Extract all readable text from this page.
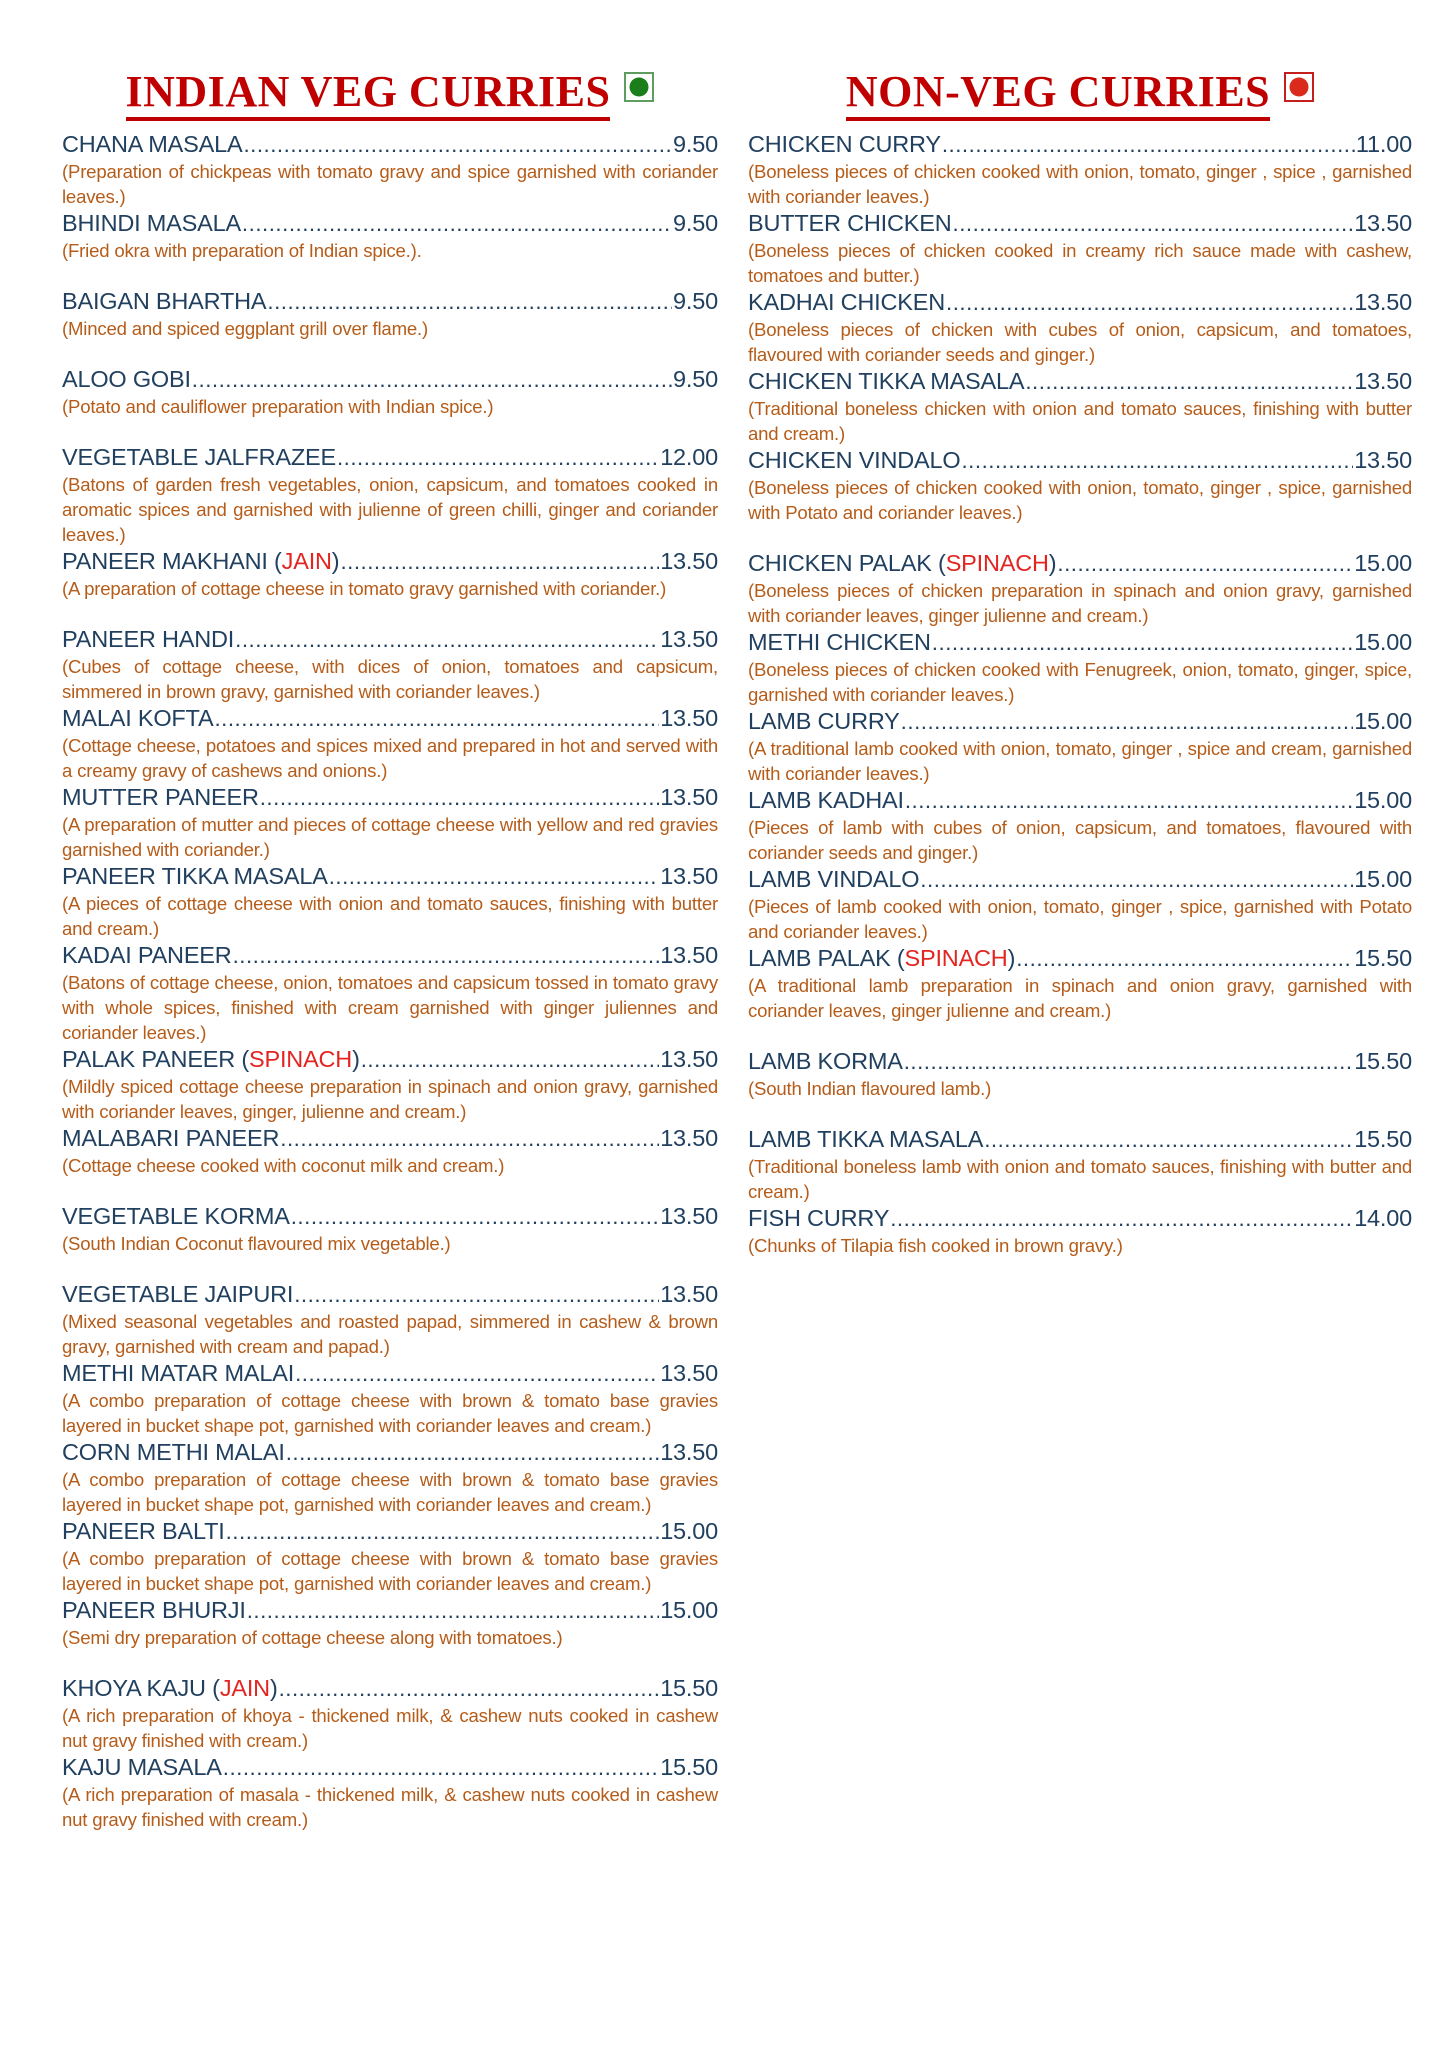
INDIAN VEG CURRIES
CHANA MASALA .....	9.50
(Preparation of chickpeas with tomato gravy and spice garnished with coriander leaves.)
BHINDI MASALA .....	9.50
(Fried okra with preparation of Indian spice.).
BAIGAN BHARTHA .....	9.50
(Minced and spiced eggplant grill over flame.)
ALOO GOBI .....	9.50
(Potato and cauliflower preparation with Indian spice.)
VEGETABLE JALFRAZEE .....	12.00
(Batons of garden fresh vegetables, onion, capsicum, and tomatoes cooked in aromatic spices and garnished with julienne of green chilli, ginger and coriander leaves.)
PANEER MAKHANI (JAIN) .....	13.50
(A preparation of cottage cheese in tomato gravy garnished with coriander.)
PANEER HANDI .....	13.50
(Cubes of cottage cheese, with dices of onion, tomatoes and capsicum, simmered in brown gravy, garnished with coriander leaves.)
MALAI KOFTA .....	13.50
(Cottage cheese, potatoes and spices mixed and prepared in hot and served with a creamy gravy of cashews and onions.)
MUTTER PANEER .....	13.50
(A preparation of mutter and pieces of cottage cheese with yellow and red gravies garnished with coriander.)
PANEER TIKKA MASALA .....	13.50
(A pieces of cottage cheese with onion and tomato sauces, finishing with butter and cream.)
KADAI PANEER .....	13.50
(Batons of cottage cheese, onion, tomatoes and capsicum tossed in tomato gravy with whole spices, finished with cream garnished with ginger juliennes and coriander leaves.)
PALAK PANEER (SPINACH) .....	13.50
(Mildly spiced cottage cheese preparation in spinach and onion gravy, garnished with coriander leaves, ginger, julienne and cream.)
MALABARI PANEER .....	13.50
(Cottage cheese cooked with coconut milk and cream.)
VEGETABLE KORMA .....	13.50
(South Indian Coconut flavoured mix vegetable.)
VEGETABLE JAIPURI .....	13.50
(Mixed seasonal vegetables and roasted papad, simmered in cashew & brown gravy, garnished with cream and papad.)
METHI MATAR MALAI .....	13.50
(A combo preparation of cottage cheese with brown & tomato base gravies layered in bucket shape pot, garnished with coriander leaves and cream.)
CORN METHI MALAI .....	13.50
(A combo preparation of cottage cheese with brown & tomato base gravies layered in bucket shape pot, garnished with coriander leaves and cream.)
PANEER BALTI .....	15.00
(A combo preparation of cottage cheese with brown & tomato base gravies layered in bucket shape pot, garnished with coriander leaves and cream.)
PANEER BHURJI .....	15.00
(Semi dry preparation of cottage cheese along with tomatoes.)
KHOYA KAJU (JAIN) .....	15.50
(A rich preparation of khoya - thickened milk, & cashew nuts cooked in cashew nut gravy finished with cream.)
KAJU MASALA .....	15.50
(A rich preparation of masala - thickened milk, & cashew nuts cooked in cashew nut gravy finished with cream.)
NON-VEG CURRIES
CHICKEN CURRY .....	11.00
(Boneless pieces of chicken cooked with onion, tomato, ginger , spice , garnished with coriander leaves.)
BUTTER CHICKEN .....	13.50
(Boneless pieces of chicken cooked in creamy rich sauce made with cashew, tomatoes and butter.)
KADHAI CHICKEN .....	13.50
(Boneless pieces of chicken with cubes of onion, capsicum, and tomatoes, flavoured with coriander seeds and ginger.)
CHICKEN TIKKA MASALA .....	13.50
(Traditional boneless chicken with onion and tomato sauces, finishing with butter and cream.)
CHICKEN VINDALO .....	13.50
(Boneless pieces of chicken cooked with onion, tomato, ginger , spice, garnished with Potato and coriander leaves.)
CHICKEN PALAK (SPINACH) .....	15.00
(Boneless pieces of chicken preparation in spinach and onion gravy, garnished with coriander leaves, ginger julienne and cream.)
METHI CHICKEN .....	15.00
(Boneless pieces of chicken cooked with Fenugreek, onion, tomato, ginger, spice, garnished with coriander leaves.)
LAMB CURRY .....	15.00
(A traditional lamb cooked with onion, tomato, ginger , spice and cream, garnished with coriander leaves.)
LAMB KADHAI .....	15.00
(Pieces of lamb with cubes of onion, capsicum, and tomatoes, flavoured with coriander seeds and ginger.)
LAMB VINDALO .....	15.00
(Pieces of lamb cooked with onion, tomato, ginger , spice, garnished with Potato and coriander leaves.)
LAMB PALAK (SPINACH) .....	15.50
(A traditional lamb preparation in spinach and onion gravy, garnished with coriander leaves, ginger julienne and cream.)
LAMB KORMA .....	15.50
(South Indian flavoured lamb.)
LAMB TIKKA MASALA .....	15.50
(Traditional boneless lamb with onion and tomato sauces, finishing with butter and cream.)
FISH CURRY .....	14.00
(Chunks of Tilapia fish cooked in brown gravy.)
